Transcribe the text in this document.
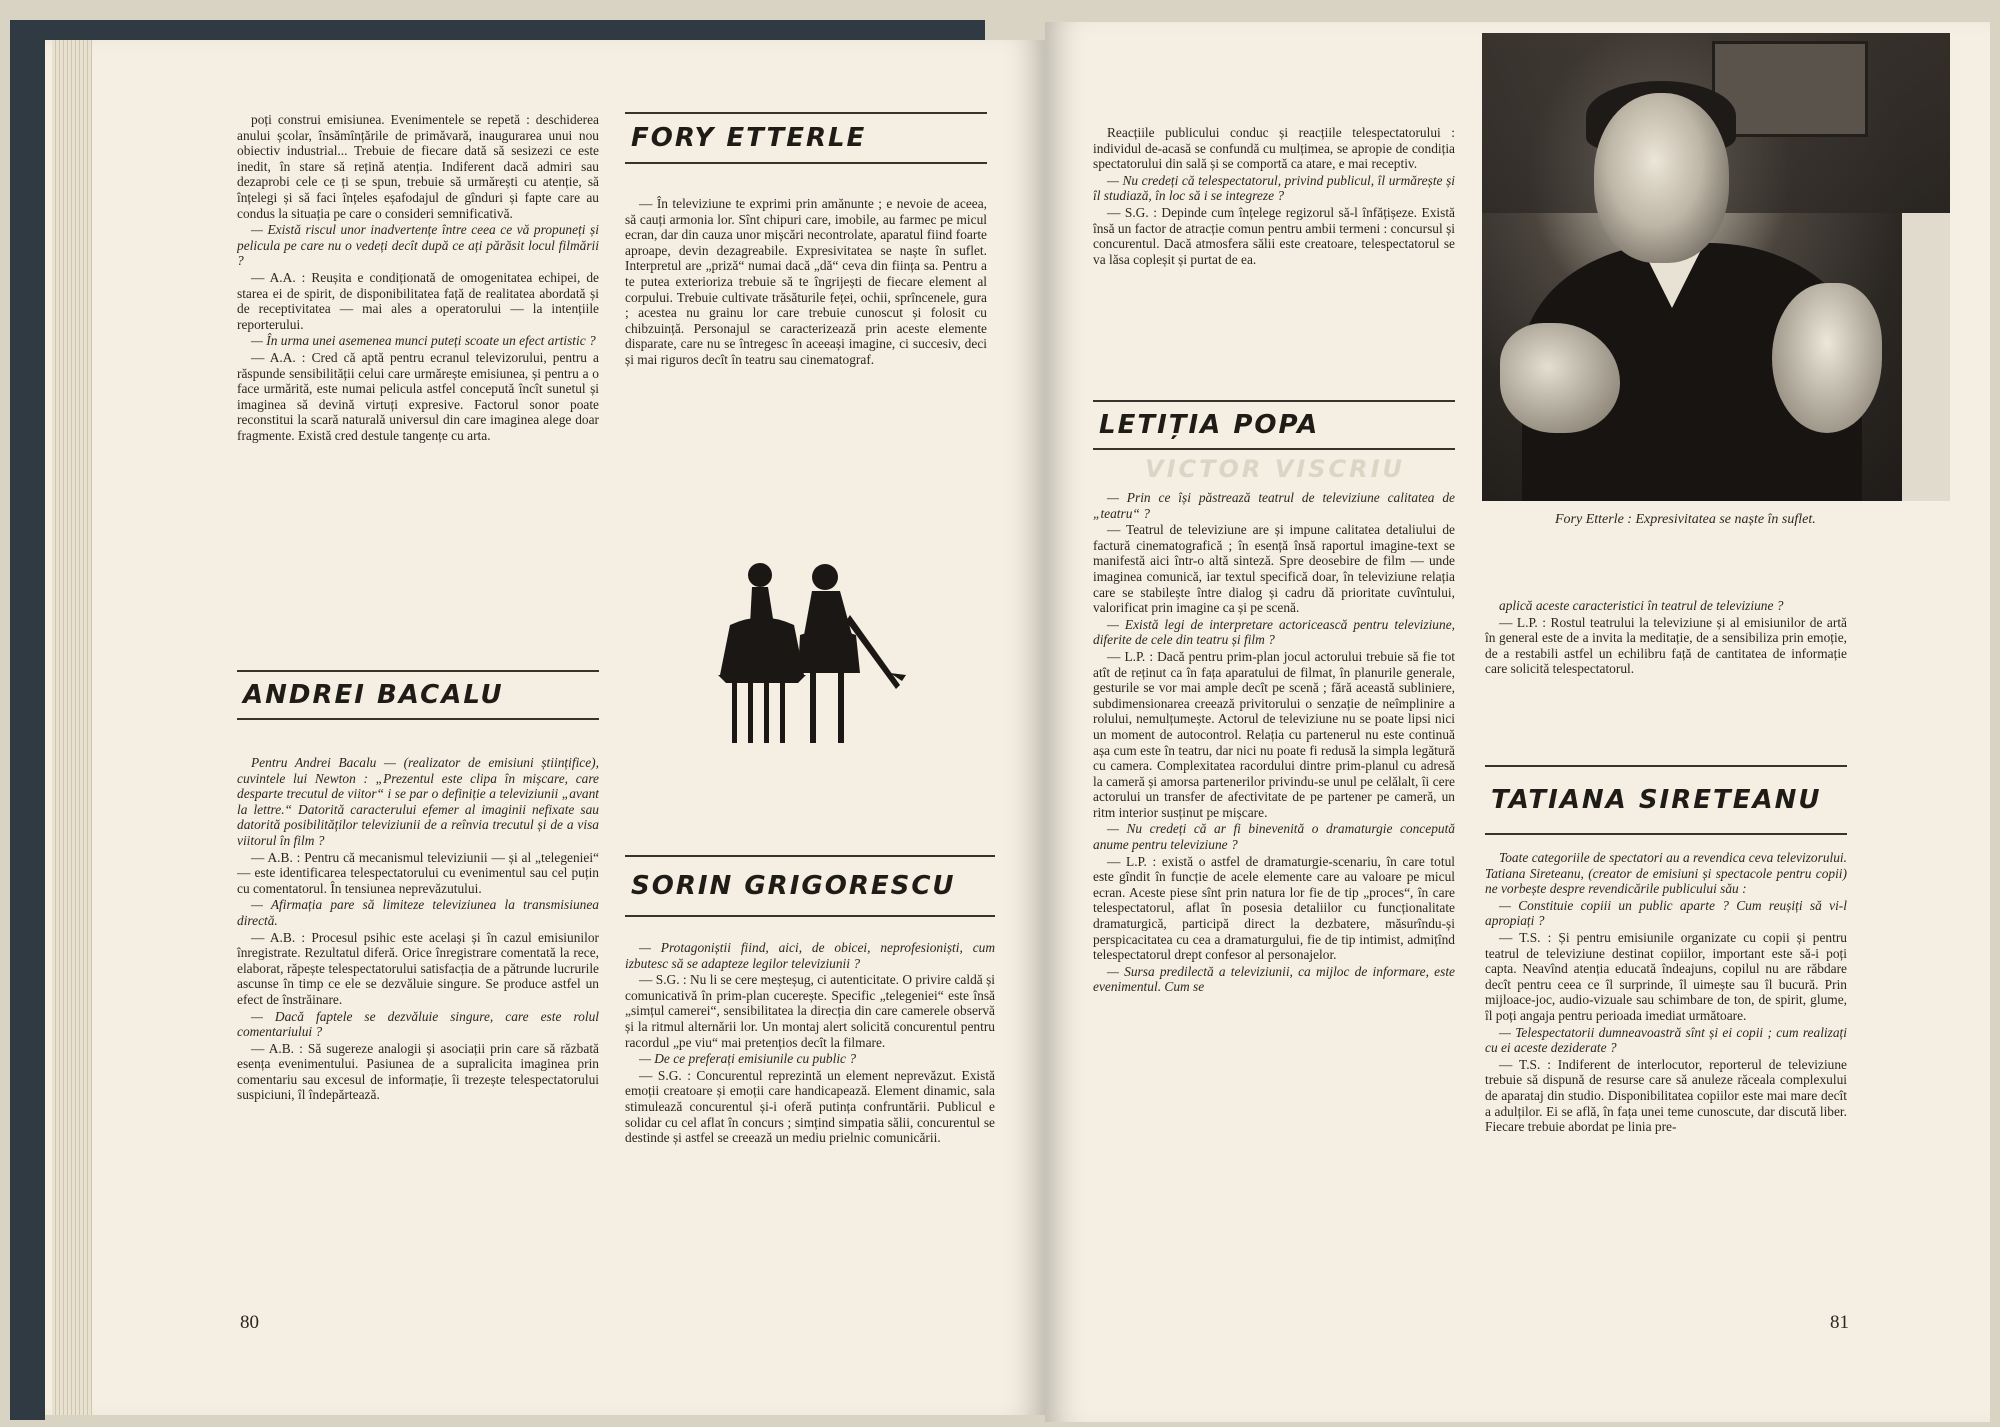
poți construi emisiunea. Evenimentele se repetă : deschiderea anului școlar, însămînțările de primăvară, inaugurarea unui nou obiectiv industrial... Trebuie de fiecare dată să sesizezi ce este inedit, în stare să rețină atenția. Indiferent dacă admiri sau dezaprobi cele ce ți se spun, trebuie să urmărești cu atenție, să înțelegi și să faci înțeles eșafodajul de gînduri și fapte care au condus la situația pe care o consideri semnificativă.

— Există riscul unor inadvertențe între ceea ce vă propuneți și pelicula pe care nu o vedeți decît după ce ați părăsit locul filmării ?

— A.A. : Reușita e condiționată de omogenitatea echipei, de starea ei de spirit, de disponibilitatea față de realitatea abordată și de receptivitatea — mai ales a operatorului — la intențiile reporterului.

— În urma unei asemenea munci puteți scoate un efect artistic ?

— A.A. : Cred că aptă pentru ecranul televizorului, pentru a răspunde sensibilității celui care urmărește emisiunea, și pentru a o face urmărită, este numai pelicula astfel concepută încît sunetul și imaginea să devină virtuți expresive. Factorul sonor poate reconstitui la scară naturală universul din care imaginea alege doar fragmente. Există cred destule tangențe cu arta.

ANDREI BACALU

Pentru Andrei Bacalu — (realizator de emisiuni științifice), cuvintele lui Newton : „Prezentul este clipa în mișcare, care desparte trecutul de viitor“ i se par o definiție a televiziunii „avant la lettre.“ Datorită caracterului efemer al imaginii nefixate sau datorită posibilităților televiziunii de a reînvia trecutul și de a visa viitorul în film ?

— A.B. : Pentru că mecanismul televiziunii — și al „telegeniei“ — este identificarea telespectatorului cu evenimentul sau cel puțin cu comentatorul. În tensiunea neprevăzutului.

— Afirmația pare să limiteze televiziunea la transmisiunea directă.

— A.B. : Procesul psihic este același și în cazul emisiunilor înregistrate. Rezultatul diferă. Orice înregistrare comentată la rece, elaborat, răpește telespectatorului satisfacția de a pătrunde lucrurile ascunse în timp ce ele se dezvăluie singure. Se produce astfel un efect de înstrăinare.

— Dacă faptele se dezvăluie singure, care este rolul comentariului ?

— A.B. : Să sugereze analogii și asociații prin care să răzbată esența evenimentului. Pasiunea de a supralicita imaginea prin comentariu sau excesul de informație, îi trezește telespectatorului suspiciuni, îl îndepărtează.

80
FORY ETTERLE

— În televiziune te exprimi prin amănunte ; e nevoie de aceea, să cauți armonia lor. Sînt chipuri care, imobile, au farmec pe micul ecran, dar din cauza unor mișcări necontrolate, aparatul fiind foarte aproape, devin dezagreabile. Expresivitatea se naște în suflet. Interpretul are „priză“ numai dacă „dă“ ceva din ființa sa. Pentru a te putea exterioriza trebuie să te îngrijești de fiecare element al corpului. Trebuie cultivate trăsăturile feței, ochii, sprîncenele, gura ; acestea nu grainu lor care trebuie cunoscut și folosit cu chibzuință. Personajul se caracterizează prin aceste elemente disparate, care nu se întregesc în aceeași imagine, ci succesiv, deci și mai riguros decît în teatru sau cinematograf.

SORIN GRIGORESCU

— Protagoniștii fiind, aici, de obicei, neprofesioniști, cum izbutesc să se adapteze legilor televiziunii ?

— S.G. : Nu li se cere meșteșug, ci autenticitate. O privire caldă și comunicativă în prim-plan cucerește. Specific „telegeniei“ este însă „simțul camerei“, sensibilitatea la direcția din care camerele observă și la ritmul alternării lor. Un montaj alert solicită concurentul pentru racordul „pe viu“ mai pretențios decît la filmare.

— De ce preferați emisiunile cu public ?

— S.G. : Concurentul reprezintă un element neprevăzut. Există emoții creatoare și emoții care handicapează. Element dinamic, sala stimulează concurentul și-i oferă putința confruntării. Publicul e solidar cu cel aflat în concurs ; simțind simpatia sălii, concurentul se destinde și astfel se creează un mediu prielnic comunicării.

Reacțiile publicului conduc și reacțiile telespectatorului : individul de-acasă se confundă cu mulțimea, se apropie de condiția spectatorului din sală și se comportă ca atare, e mai receptiv.

— Nu credeți că telespectatorul, privind publicul, îl urmărește și îl studiază, în loc să i se integreze ?

— S.G. : Depinde cum înțelege regizorul să-l înfățișeze. Există însă un factor de atracție comun pentru ambii termeni : concursul și concurentul. Dacă atmosfera sălii este creatoare, telespectatorul se va lăsa copleșit și purtat de ea.

LETIȚIA POPA
VICTOR VISCRIU

— Prin ce își păstrează teatrul de televiziune calitatea de „teatru“ ?

— Teatrul de televiziune are și impune calitatea detaliului de factură cinematografică ; în esență însă raportul imagine-text se manifestă aici într-o altă sinteză. Spre deosebire de film — unde imaginea comunică, iar textul specifică doar, în televiziune relația care se stabilește între dialog și cadru dă prioritate cuvîntului, valorificat prin imagine ca și pe scenă.

— Există legi de interpretare actoricească pentru televiziune, diferite de cele din teatru și film ?

— L.P. : Dacă pentru prim-plan jocul actorului trebuie să fie tot atît de reținut ca în fața aparatului de filmat, în planurile generale, gesturile se vor mai ample decît pe scenă ; fără această subliniere, subdimensionarea creează privitorului o senzație de neîmplinire a rolului, nemulțumește. Actorul de televiziune nu se poate lipsi nici un moment de autocontrol. Relația cu partenerul nu este continuă așa cum este în teatru, dar nici nu poate fi redusă la simpla legătură cu camera. Complexitatea racordului dintre prim-planul cu adresă la cameră și amorsa partenerilor privindu-se unul pe celălalt, îi cere actorului un transfer de afectivitate de pe partener pe cameră, un ritm interior susținut pe mișcare.

— Nu credeți că ar fi binevenită o dramaturgie concepută anume pentru televiziune ?

— L.P. : există o astfel de dramaturgie-scenariu, în care totul este gîndit în funcție de acele elemente care au valoare pe micul ecran. Aceste piese sînt prin natura lor fie de tip „proces“, în care telespectatorul, aflat în posesia detaliilor cu funcționalitate dramaturgică, participă direct la dezbatere, măsurîndu-și perspicacitatea cu cea a dramaturgului, fie de tip intimist, admițînd telespectatorul drept confesor al personajelor.

— Sursa predilectă a televiziunii, ca mijloc de informare, este evenimentul. Cum se

Fory Etterle : Expresivitatea se naște în suflet.

aplică aceste caracteristici în teatrul de televiziune ?

— L.P. : Rostul teatrului la televiziune și al emisiunilor de artă în general este de a invita la meditație, de a sensibiliza prin emoție, de a restabili astfel un echilibru față de cantitatea de informație care solicită telespectatorul.

TATIANA SIRETEANU

Toate categoriile de spectatori au a revendica ceva televizorului. Tatiana Sireteanu, (creator de emisiuni și spectacole pentru copii) ne vorbește despre revendicările publicului său :

— Constituie copiii un public aparte ? Cum reușiți să vi-l apropiați ?

— T.S. : Și pentru emisiunile organizate cu copii și pentru teatrul de televiziune destinat copiilor, important este să-i poți capta. Neavînd atenția educată îndeajuns, copilul nu are răbdare decît pentru ceea ce îl surprinde, îl uimește sau îl bucură. Prin mijloace-joc, audio-vizuale sau schimbare de ton, de spirit, glume, îl poți angaja pentru perioada imediat următoare.

— Telespectatorii dumneavoastră sînt și ei copii ; cum realizați cu ei aceste deziderate ?

— T.S. : Indiferent de interlocutor, reporterul de televiziune trebuie să dispună de resurse care să anuleze răceala complexului de aparataj din studio. Disponibilitatea copiilor este mai mare decît a adulților. Ei se află, în fața unei teme cunoscute, dar discută liber. Fiecare trebuie abordat pe linia pre-

81
